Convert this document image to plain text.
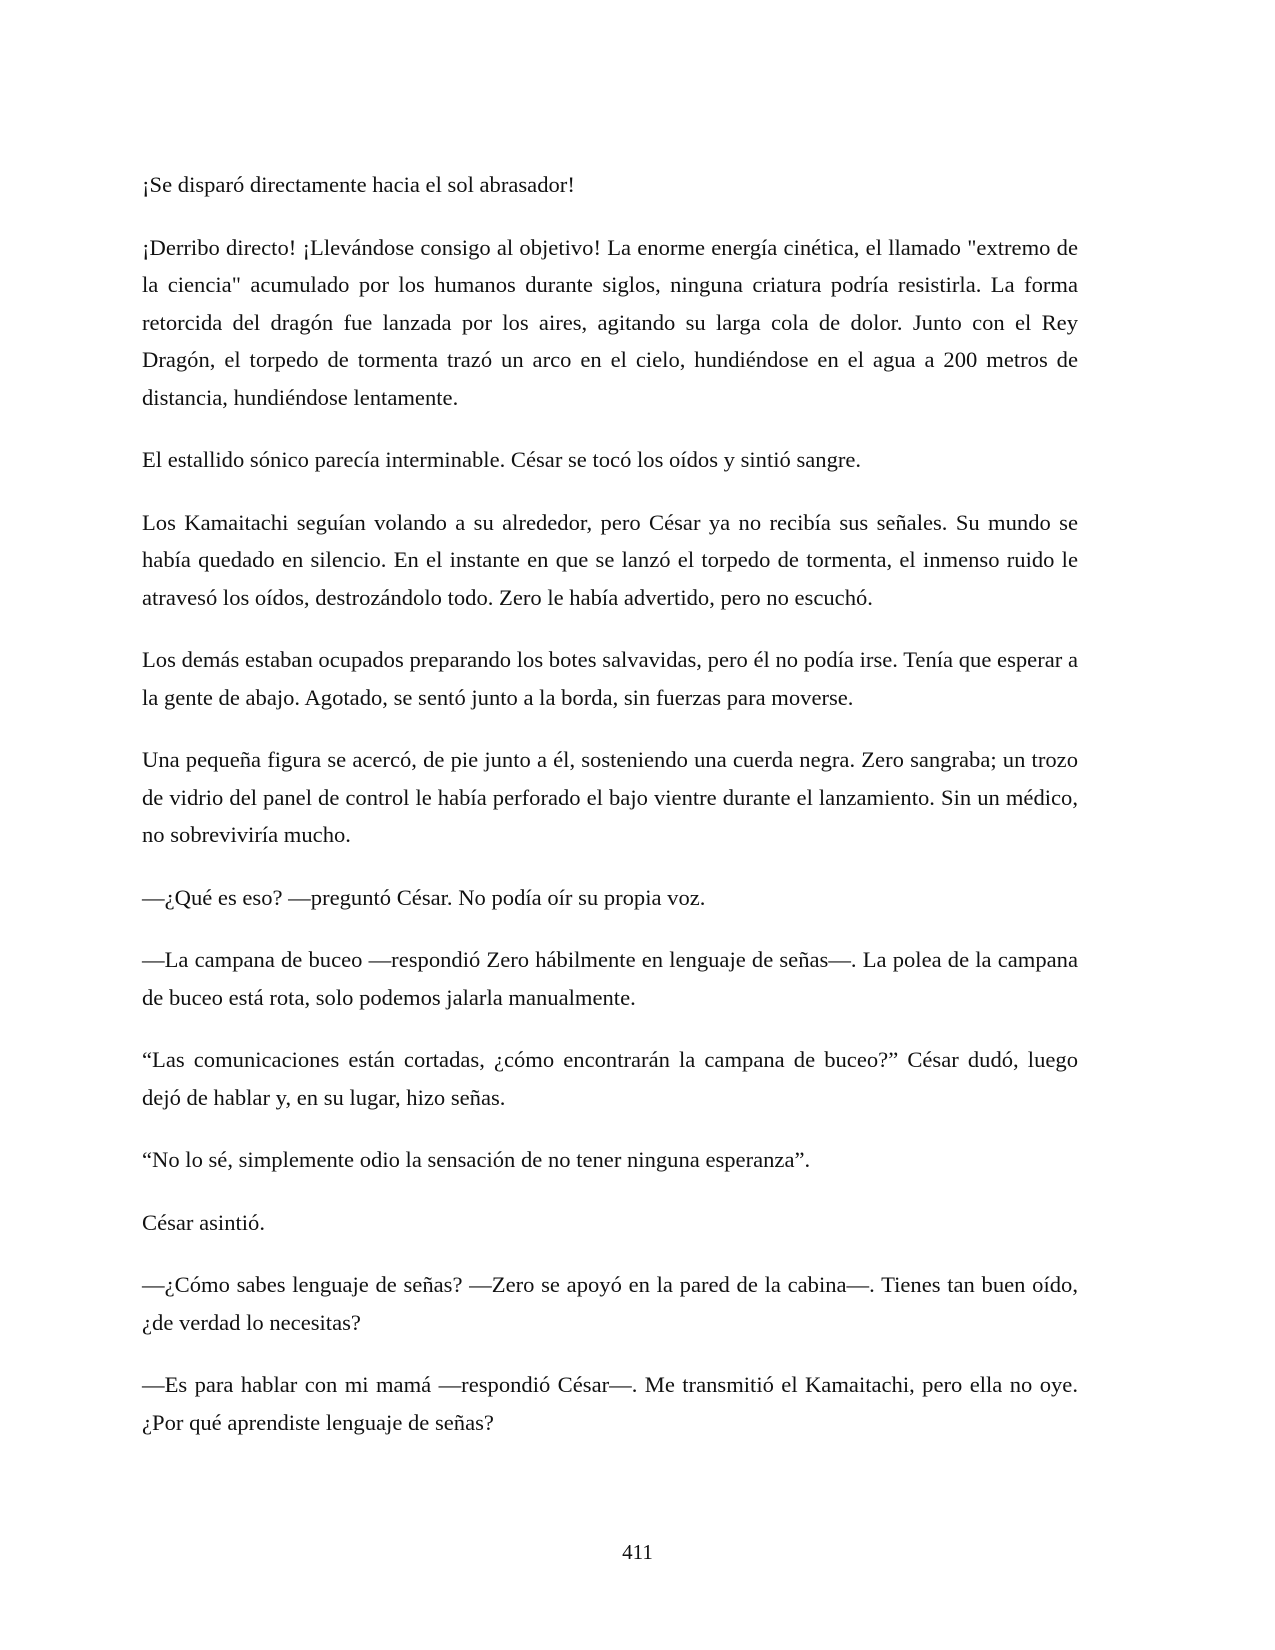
¡Se disparó directamente hacia el sol abrasador!

¡Derribo directo! ¡Llevándose consigo al objetivo! La enorme energía cinética, el llamado "extremo de la ciencia" acumulado por los humanos durante siglos, ninguna criatura podría resistirla. La forma retorcida del dragón fue lanzada por los aires, agitando su larga cola de dolor. Junto con el Rey Dragón, el torpedo de tormenta trazó un arco en el cielo, hundiéndose en el agua a 200 metros de distancia, hundiéndose lentamente.

El estallido sónico parecía interminable. César se tocó los oídos y sintió sangre.

Los Kamaitachi seguían volando a su alrededor, pero César ya no recibía sus señales. Su mundo se había quedado en silencio. En el instante en que se lanzó el torpedo de tormenta, el inmenso ruido le atravesó los oídos, destrozándolo todo. Zero le había advertido, pero no escuchó.

Los demás estaban ocupados preparando los botes salvavidas, pero él no podía irse. Tenía que esperar a la gente de abajo. Agotado, se sentó junto a la borda, sin fuerzas para moverse.

Una pequeña figura se acercó, de pie junto a él, sosteniendo una cuerda negra. Zero sangraba; un trozo de vidrio del panel de control le había perforado el bajo vientre durante el lanzamiento. Sin un médico, no sobreviviría mucho.

—¿Qué es eso? —preguntó César. No podía oír su propia voz.

—La campana de buceo —respondió Zero hábilmente en lenguaje de señas—. La polea de la campana de buceo está rota, solo podemos jalarla manualmente.

“Las comunicaciones están cortadas, ¿cómo encontrarán la campana de buceo?” César dudó, luego dejó de hablar y, en su lugar, hizo señas.

“No lo sé, simplemente odio la sensación de no tener ninguna esperanza”.

César asintió.

—¿Cómo sabes lenguaje de señas? —Zero se apoyó en la pared de la cabina—. Tienes tan buen oído, ¿de verdad lo necesitas?

—Es para hablar con mi mamá —respondió César—. Me transmitió el Kamaitachi, pero ella no oye. ¿Por qué aprendiste lenguaje de señas?

411
